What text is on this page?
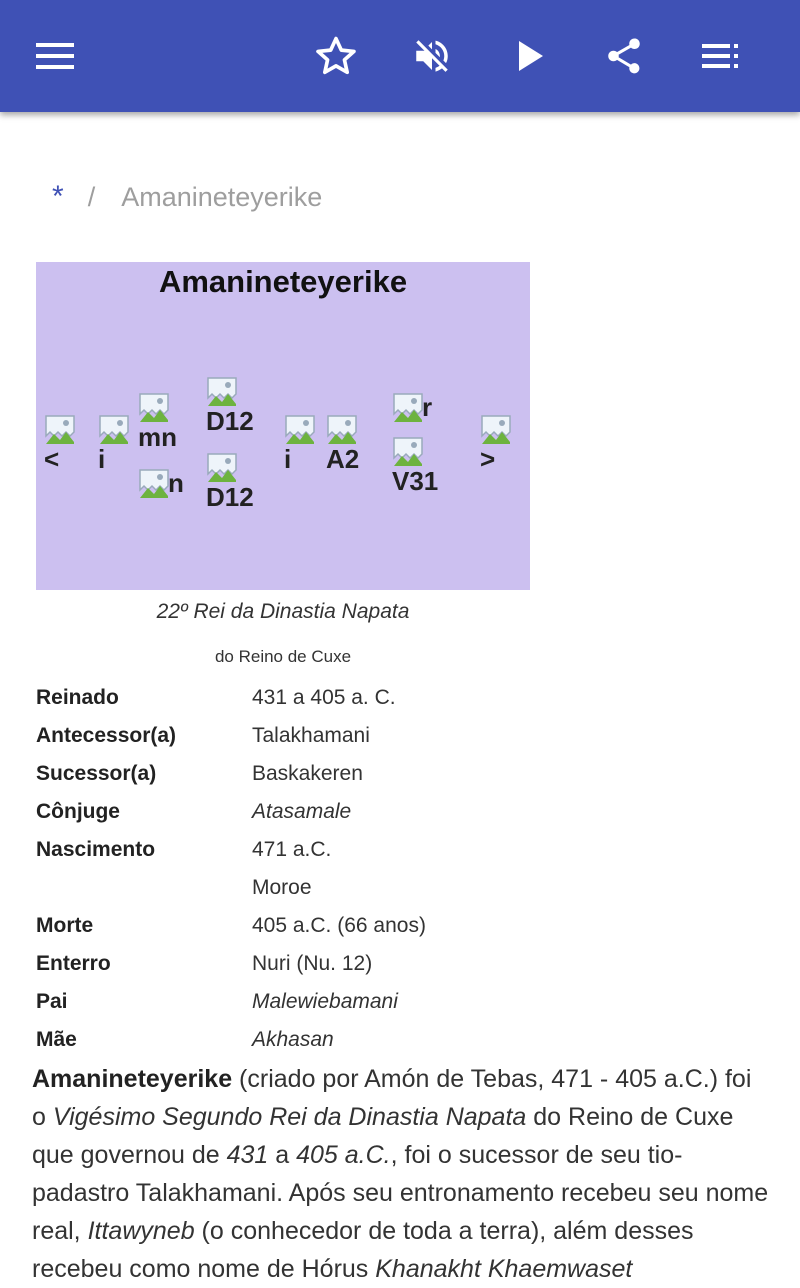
* / Amanineteyerike
Amanineteyerike
<	i
mn
n
D12
D12
i	A2
r
V31
>
22º Rei da Dinastia Napata
do Reino de Cuxe
Reinado	431 a 405 a. C.
Antecessor(a)	Talakhamani
Sucessor(a)	Baskakeren
Cônjuge	Atasamale
Nascimento	471 a.C.
Moroe
Morte	405 a.C. (66 anos)
Enterro	Nuri (Nu. 12)
Pai	Malewiebamani
Mãe	Akhasan
Amanineteyerike (criado por Amón de Tebas, 471 - 405 a.C.) foi o Vigésimo Segundo Rei da Dinastia Napata do Reino de Cuxe que governou de 431 a 405 a.C., foi o sucessor de seu tio-padastro Talakhamani. Após seu entronamento recebeu seu nome real, Ittawyneb (o conhecedor de toda a terra), além desses recebeu como nome de Hórus Khanakht Khaemwaset
